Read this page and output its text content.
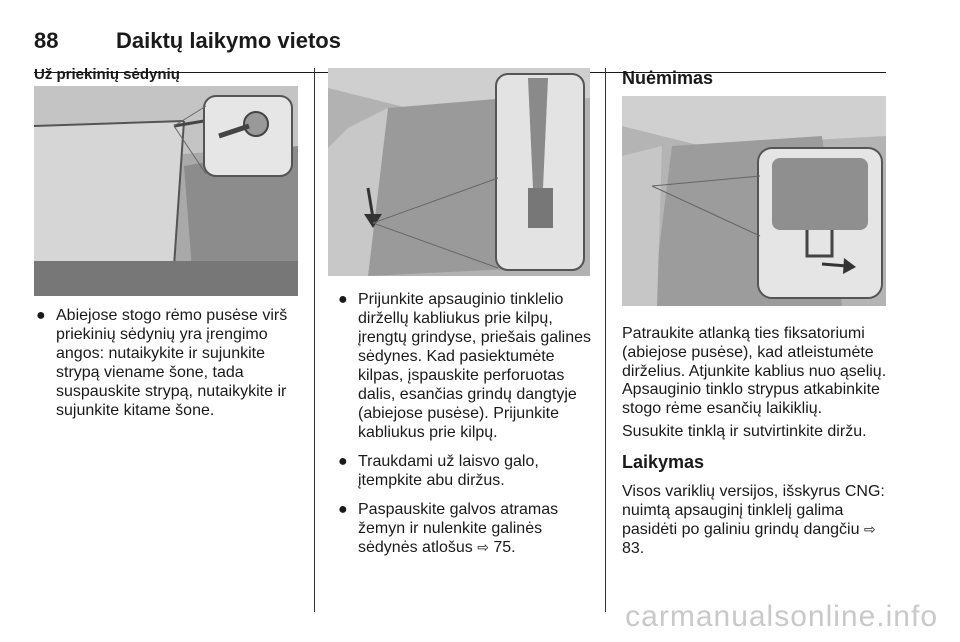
88	Daiktų laikymo vietos
Už priekinių sėdynių
● Abiejose stogo rėmo pusėse virš priekinių sėdynių yra įrengimo angos: nutaikykite ir sujunkite strypą viename šone, tada suspauskite strypą, nutaikykite ir sujunkite kitame šone.
● Prijunkite apsauginio tinklelio diržellų kabliukus prie kilpų, įrengtų grindyse, priešais galines sėdynes. Kad pasiektumėte kilpas, įspauskite perforuotas dalis, esančias grindų dangtyje (abiejose pusėse). Prijunkite kabliukus prie kilpų.
● Traukdami už laisvo galo, įtempkite abu diržus.
● Paspauskite galvos atramas žemyn ir nulenkite galinės sėdynės atlošus ⇨ 75.
Nuėmimas

Patraukite atlanką ties fiksatoriumi (abiejose pusėse), kad atleistumėte dirželius. Atjunkite kablius nuo ąselių.

Apsauginio tinklo strypus atkabinkite stogo rėme esančių laikiklių.

Susukite tinklą ir sutvirtinkite diržu.

Laikymas

Visos variklių versijos, išskyrus CNG: nuimtą apsauginį tinklelį galima pasidėti po galiniu grindų dangčiu ⇨ 83.

carmanualsonline.info
